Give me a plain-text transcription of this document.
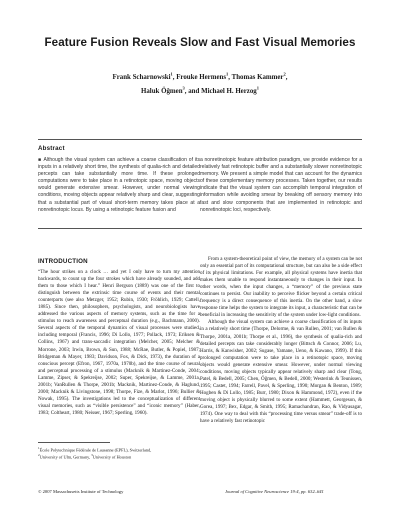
Feature Fusion Reveals Slow and Fast Visual Memories
Frank Scharnowski$^1$, Frouke Hermens$^1$, Thomas Kammer$^2$,
Haluk Öğmen$^3$, and Michael H. Herzog$^1$
Abstract

■ Although the visual system can achieve a coarse classification of its inputs in a relatively short time, the synthesis of qualia-rich and detailed percepts can take substantially more time. If these prolonged computations were to take place in a retinotopic space, moving objects would generate extensive smear. However, under normal viewing conditions, moving objects appear relatively sharp and clear, suggesting that a substantial part of visual short-term memory takes place at a nonretinotopic locus. By using a retinotopic feature fusion and

a nonretinotopic feature attribution paradigm, we provide evidence for a relatively fast retinotopic buffer and a substantially slower nonretinotopic memory. We present a simple model that can account for the dynamics of these complementary memory processes. Taken together, our results indicate that the visual system can accomplish temporal integration of information while avoiding smear by breaking off sensory memory into fast and slow components that are implemented in retinotopic and nonretinotopic loci, respectively.

INTRODUCTION

“The hour strikes on a clock … and yet I only have to turn my attention backwards, to count up the four strokes which have already sounded, and add them to those which I hear.” Henri Bergson (1889) was one of the first to distinguish between the extrinsic time course of events and their mental counterparts (see also Metzger, 1952; Rubin, 1930; Fröhlich, 1929; Cattell, 1885). Since then, philosophers, psychologists, and neurobiologists have addressed the various aspects of memory systems, such as the time for a stimulus to reach awareness and perceptual duration (e.g., Bachmann, 2000). Several aspects of the temporal dynamics of visual processes were studied, including temporal (Francis, 1996; Di Lollo, 1977; Pollack, 1973; Eriksen & Collins, 1967) and trans-saccadic integration (Melcher, 2005; Melcher & Morrone, 2003; Irwin, Brown, & Sun, 1988; McRae, Butler, & Popiel, 1987; Bridgeman & Mayer, 1983; Davidson, Fox, & Dick, 1973), the duration of a conscious percept (Efron, 1967, 1970a, 1970b), and the time course of neural and perceptual processing of a stimulus (Macknik & Martinez-Conde, 2004; Lamme, Zipser, & Spekreijse, 2002; Super, Spekreijse, & Lamme, 2001a, 2001b; VanRullen & Thorpe, 2001b; Macknik, Martinez-Conde, & Haglund, 2000; Macknik & Livingstone, 1998; Thorpe, Fize, & Marlot, 1996; Bullier & Nowak, 1995). The investigations led to the conceptualization of different visual memories, such as “visible persistence” and “iconic memory” (Haber, 1983; Coltheart, 1980; Neisser, 1967; Sperling, 1960).

From a system-theoretical point of view, the memory of a system can be not only an essential part of its computational structure, but can also be a side effect of its physical limitations. For example, all physical systems have inertia that makes them unable to respond instantaneously to changes in their input. In other words, when the input changes, a “memory” of the previous state continues to persist. Our inability to perceive flicker beyond a certain critical frequency is a direct consequence of this inertia. On the other hand, a slow response time helps the system to integrate its input, a characteristic that can be beneficial in increasing the sensitivity of the system under low-light conditions.

Although the visual system can achieve a coarse classification of its inputs in a relatively short time (Thorpe, Delorme, & van Rullen, 2001; van Rullen & Thorpe, 2001a, 2001b; Thorpe et al., 1996), the synthesis of qualia-rich and detailed percepts can take considerably longer (Bittsch & Connor, 2006; Lu, Harris, & Kanwisher, 2002; Sugase, Yamane, Ueno, & Kawano, 1999). If this prolonged computation were to take place in a retinotopic space, moving objects would generate extensive smear. However, under normal viewing conditions, moving objects typically appear relatively sharp and clear (Tong, Patel, & Bedell, 2005; Chen, Öğmen, & Bedell, 2000; Westerink & Teunissen, 1995; Castet, 1994; Farrell, Pavel, & Sperling, 1990; Morgan & Benton, 1989; Hogben & Di Lollo, 1985; Burr, 1980; Dixon & Hammond, 1972), even if the moving object is physically blurred to some extent (Hammett, Georgeson, & Gorea, 1997; Bex, Edgar, & Smith, 1995; Ramachandran, Rao, & Vidyasagar, 1974). One way to deal with this “processing time versus smear” trade-off is to have a relatively fast retinotopic

$^1$École Polytechnique Fédérale de Lausanne (EPFL), Switzerland,
$^2$University of Ulm, Germany, $^3$University of Houston
© 2007 Massachusetts Institute of Technology	Journal of Cognitive Neuroscience 19:4, pp. 632–641
